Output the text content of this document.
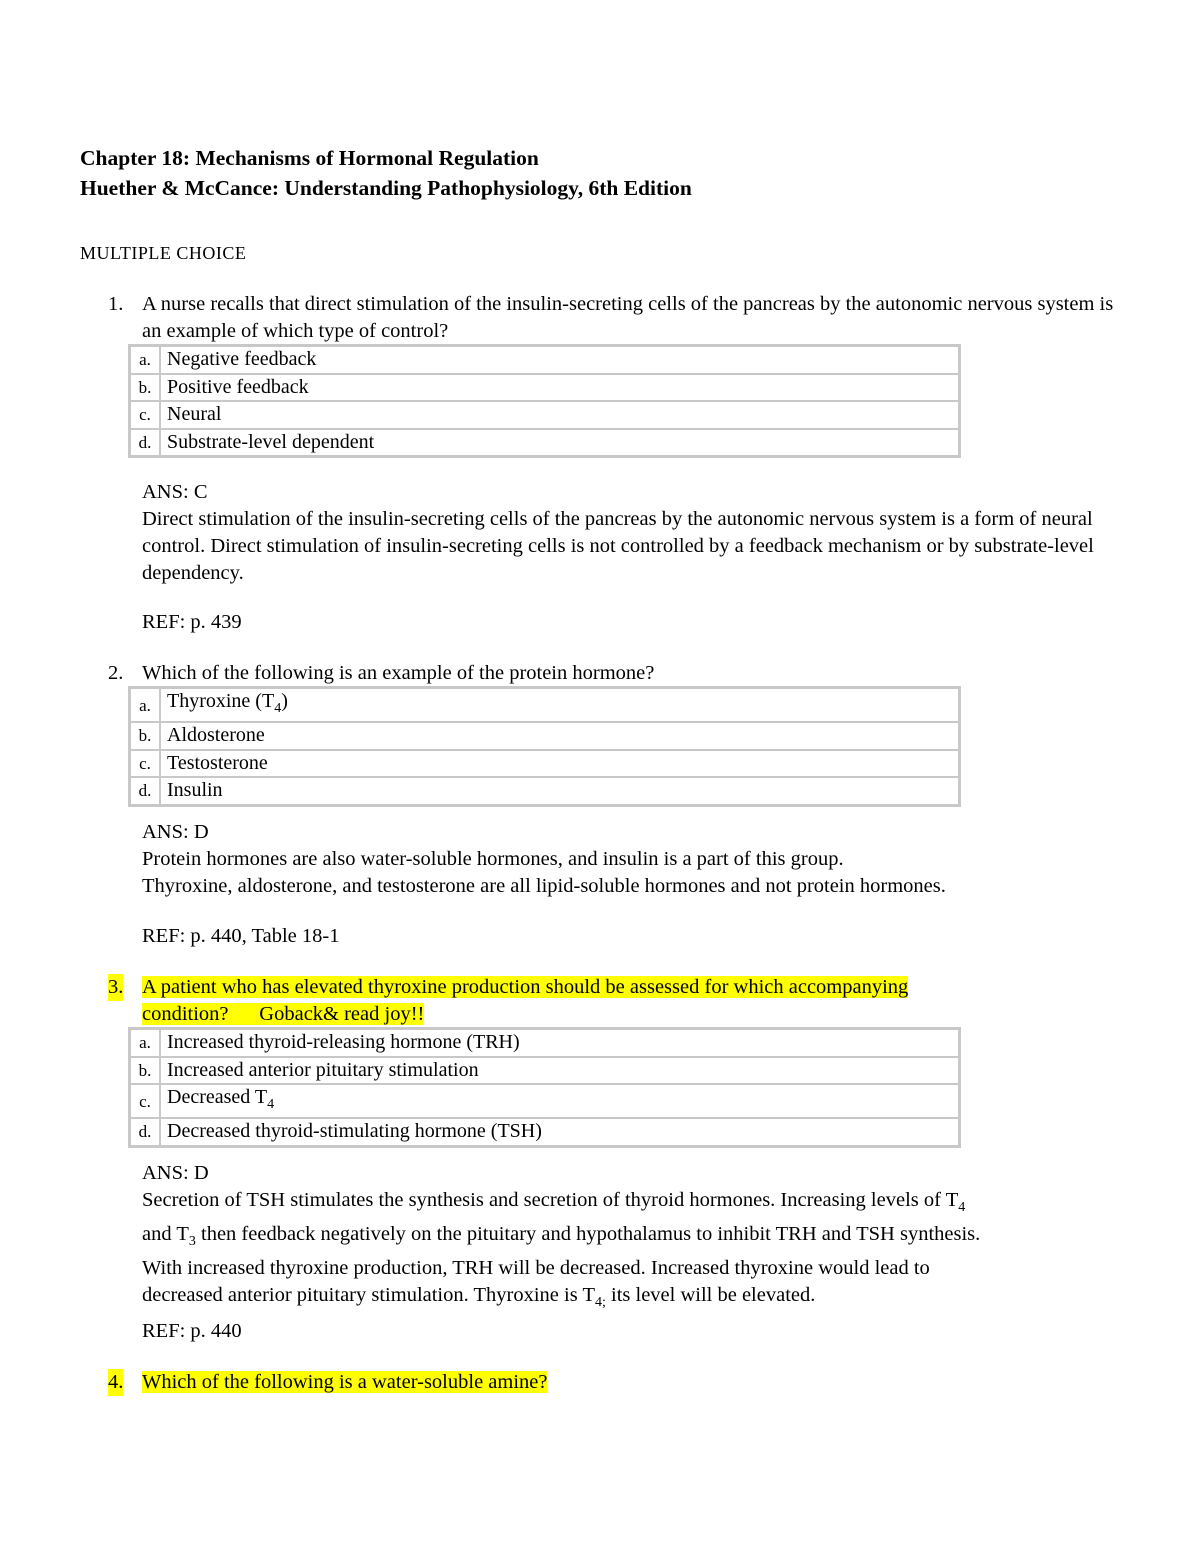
Chapter 18: Mechanisms of Hormonal Regulation
Huether & McCance: Understanding Pathophysiology, 6th Edition
MULTIPLE CHOICE
1. A nurse recalls that direct stimulation of the insulin-secreting cells of the pancreas by the autonomic nervous system is an example of which type of control?
a.	Negative feedback
b.	Positive feedback
c.	Neural
d.	Substrate-level dependent
ANS: C
Direct stimulation of the insulin-secreting cells of the pancreas by the autonomic nervous system is a form of neural control. Direct stimulation of insulin-secreting cells is not controlled by a feedback mechanism or by substrate-level dependency.
REF: p. 439
2. Which of the following is an example of the protein hormone?
a.	Thyroxine $(T_4)$
b.	Aldosterone
c.	Testosterone
d.	Insulin
ANS: D
Protein hormones are also water-soluble hormones, and insulin is a part of this group.
Thyroxine, aldosterone, and testosterone are all lipid-soluble hormones and not protein hormones.
REF: p. 440, Table 18-1
3. A patient who has elevated thyroxine production should be assessed for which accompanying
condition?      Goback& read joy!!
a.	Increased thyroid-releasing hormone (TRH)
b.	Increased anterior pituitary stimulation
c.	Decreased $T_4$
d.	Decreased thyroid-stimulating hormone (TSH)
ANS: D
Secretion of TSH stimulates the synthesis and secretion of thyroid hormones. Increasing levels of $T_4$
and $T_3$ then feedback negatively on the pituitary and hypothalamus to inhibit TRH and TSH synthesis.
With increased thyroxine production, TRH will be decreased. Increased thyroxine would lead to
decreased anterior pituitary stimulation. Thyroxine is $T_{4;}$ its level will be elevated.
REF: p. 440
4. Which of the following is a water-soluble amine?
